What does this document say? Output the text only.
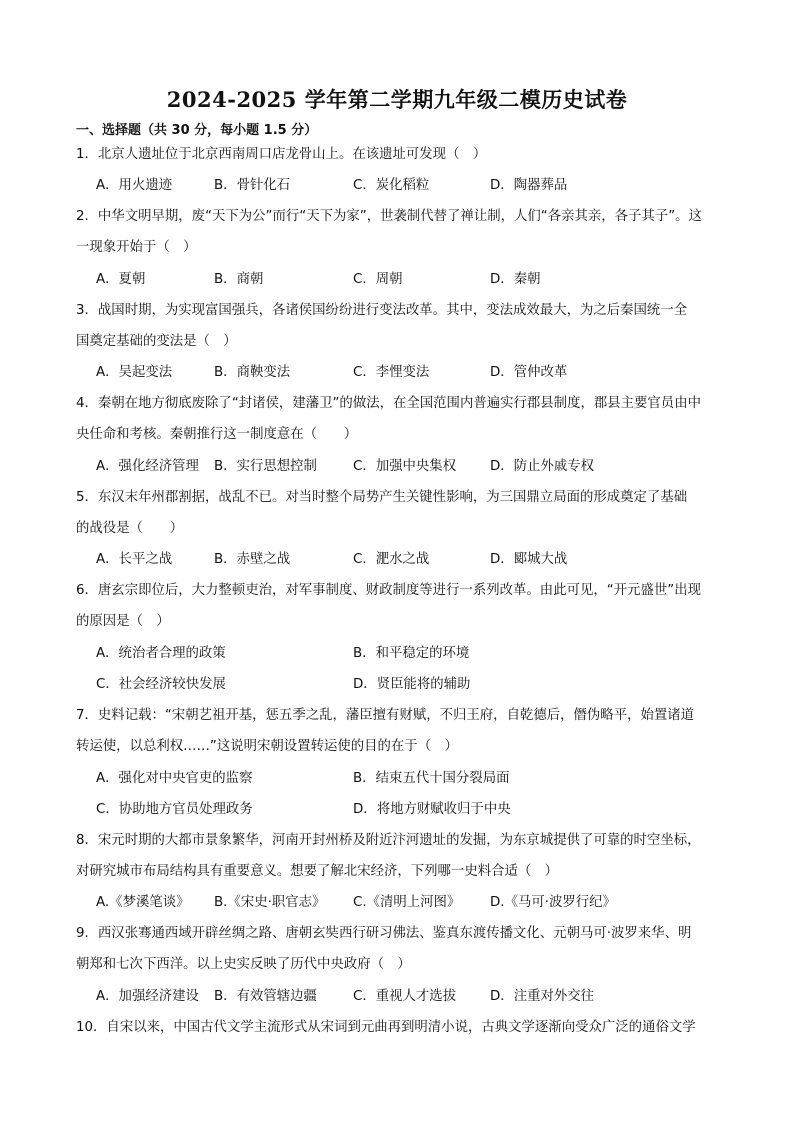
2024-2025 学年第二学期九年级二模历史试卷
一、选择题（共 30 分，每小题 1.5 分）
1．北京人遗址位于北京西南周口店龙骨山上。在该遗址可发现（　）
A．用火遗迹	B．骨针化石	C．炭化稻粒	D．陶器葬品
2．中华文明早期，废“天下为公”而行“天下为家”，世袭制代替了禅让制，人们“各亲其亲，各子其子”。这
一现象开始于（　）
A．夏朝	B．商朝	C．周朝	D．秦朝
3．战国时期，为实现富国强兵，各诸侯国纷纷进行变法改革。其中，变法成效最大，为之后秦国统一全
国奠定基础的变法是（　）
A．吴起变法	B．商鞅变法	C．李悝变法	D．管仲改革
4．秦朝在地方彻底废除了“封诸侯，建藩卫”的做法，在全国范围内普遍实行郡县制度，郡县主要官员由中
央任命和考核。秦朝推行这一制度意在（　　）
A．强化经济管理 B．实行思想控制	C．加强中央集权	D．防止外戚专权
5．东汉末年州郡割据，战乱不已。对当时整个局势产生关键性影响，为三国鼎立局面的形成奠定了基础
的战役是（　　）
A．长平之战	B．赤壁之战	C．淝水之战	D．郾城大战
6．唐玄宗即位后，大力整顿吏治，对军事制度、财政制度等进行一系列改革。由此可见，“开元盛世”出现
的原因是（　）
A．统治者合理的政策	B．和平稳定的环境
C．社会经济较快发展	D．贤臣能将的辅助
7．史料记载：“宋朝艺祖开基，惩五季之乱，藩臣擅有财赋，不归王府，自乾德后，僭伪略平，始置诸道
转运使，以总利权……”这说明宋朝设置转运使的目的在于（　）
A．强化对中央官吏的监察	B．结束五代十国分裂局面
C．协助地方官员处理政务	D．将地方财赋收归于中央
8．宋元时期的大都市景象繁华，河南开封州桥及附近汴河遗址的发掘，为东京城提供了可靠的时空坐标，
对研究城市布局结构具有重要意义。想要了解北宋经济，下列哪一史料合适（　）
A.《梦溪笔谈》 B.《宋史·职官志》 C.《清明上河图》 D.《马可·波罗行纪》
9．西汉张骞通西域开辟丝绸之路、唐朝玄奘西行研习佛法、鉴真东渡传播文化、元朝马可·波罗来华、明
朝郑和七次下西洋。以上史实反映了历代中央政府（　）
A．加强经济建设 B．有效管辖边疆	C．重视人才选拔	D．注重对外交往
10．自宋以来，中国古代文学主流形式从宋词到元曲再到明清小说，古典文学逐渐向受众广泛的通俗文学
